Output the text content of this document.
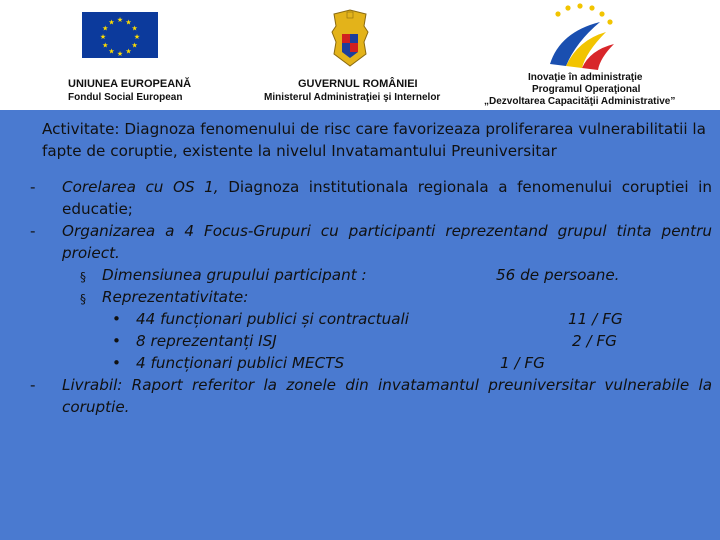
★ ★
★
★
★
★
★
★
★
★
★
★
UNIUNEA EUROPEANĂ
Fondul Social European
GUVERNUL ROMÂNIEI
Ministerul Administraţiei şi Internelor
Inovaţie în administraţie
Programul Operaţional
„Dezvoltarea Capacităţii Administrative”
Activitate: Diagnoza fenomenului de risc care favorizeaza proliferarea vulnerabilitatii la fapte de coruptie, existente la nivelul Invatamantului Preuniversitar
- Corelarea cu OS 1, Diagnoza institutionala regionala a fenomenului coruptiei in educatie;
- Organizarea a 4 Focus-Grupuri cu participanti reprezentand grupul tinta pentru proiect.
§ Dimensiunea grupului participant :	56 de persoane.
§ Reprezentativitate:
• 44 funcționari publici și contractuali	11 / FG
• 8 reprezentanți ISJ	2 / FG
• 4 funcționari publici MECTS	1 / FG
- Livrabil: Raport referitor la zonele din invatamantul preuniversitar vulnerabile la coruptie.
